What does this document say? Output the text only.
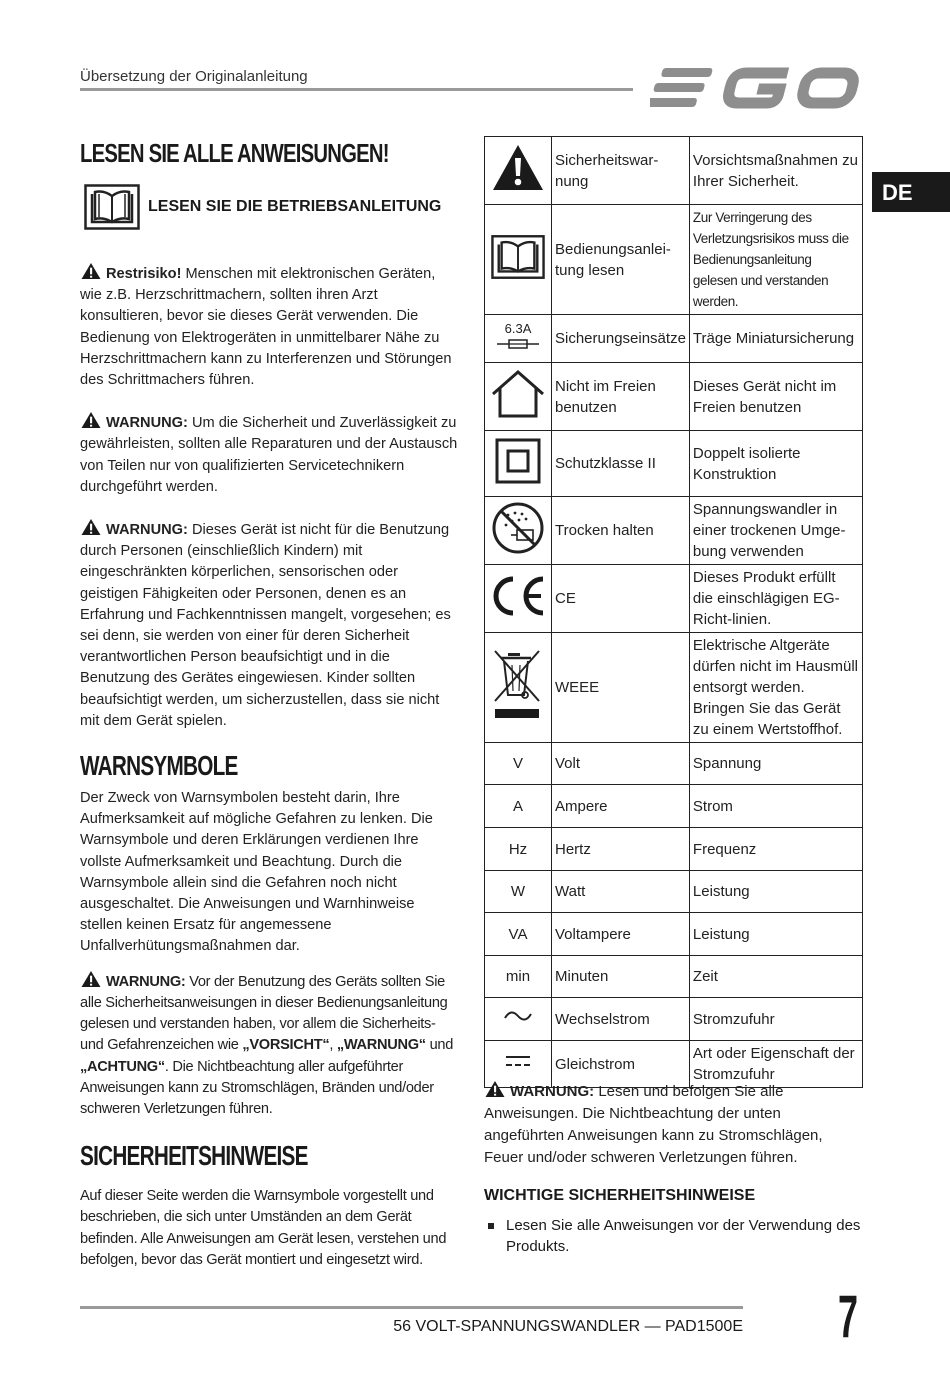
Übersetzung der Originalanleitung
DE
LESEN SIE ALLE ANWEISUNGEN!
LESEN SIE DIE BETRIEBSANLEITUNG

Restrisiko! Menschen mit elektronischen Geräten, wie z.B. Herzschrittmachern, sollten ihren Arzt konsultieren, bevor sie dieses Gerät verwenden. Die Bedienung von Elektrogeräten in unmittelbarer Nähe zu Herzschrittmachern kann zu Interferenzen und Störungen des Schrittmachers führen.

WARNUNG: Um die Sicherheit und Zuverlässigkeit zu gewährleisten, sollten alle Reparaturen und der Austausch von Teilen nur von qualifizierten Servicetechnikern durchgeführt werden.

WARNUNG: Dieses Gerät ist nicht für die Benutzung durch Personen (einschließlich Kindern) mit eingeschränkten körperlichen, sensorischen oder geistigen Fähigkeiten oder Personen, denen es an Erfahrung und Fachkenntnissen mangelt, vorgesehen; es sei denn, sie werden von einer für deren Sicherheit verantwortlichen Person beaufsichtigt und in die Benutzung des Gerätes eingewiesen. Kinder sollten beaufsichtigt werden, um sicherzustellen, dass sie nicht mit dem Gerät spielen.

WARNSYMBOLE

Der Zweck von Warnsymbolen besteht darin, Ihre Aufmerksamkeit auf mögliche Gefahren zu lenken. Die Warnsymbole und deren Erklärungen verdienen Ihre vollste Aufmerksamkeit und Beachtung. Durch die Warnsymbole allein sind die Gefahren noch nicht ausgeschaltet. Die Anweisungen und Warnhinweise stellen keinen Ersatz für angemessene Unfallverhütungsmaßnahmen dar.

WARNUNG: Vor der Benutzung des Geräts sollten Sie alle Sicherheitsanweisungen in dieser Bedienungsanleitung gelesen und verstanden haben, vor allem die Sicherheits- und Gefahrenzeichen wie „VORSICHT“, „WARNUNG“ und „ACHTUNG“. Die Nichtbeachtung aller aufgeführter Anweisungen kann zu Stromschlägen, Bränden und/oder schweren Verletzungen führen.

SICHERHEITSHINWEISE

Auf dieser Seite werden die Warnsymbole vorgestellt und beschrieben, die sich unter Umständen an dem Gerät befinden. Alle Anweisungen am Gerät lesen, verstehen und befolgen, bevor das Gerät montiert und eingesetzt wird.

	Sicherheitswar-nung	Vorsichtsmaßnahmen zu Ihrer Sicherheit.
	Bedienungsanlei-tung lesen	Zur Verringerung des Verletzungsrisikos muss die Bedienungsanleitung gelesen und verstanden werden.

6.3A	Sicherungseinsätze	Träge Miniatursicherung
	Nicht im Freien benutzen	Dieses Gerät nicht im Freien benutzen
	Schutzklasse II	Doppelt isolierte Konstruktion
	Trocken halten	Spannungswandler in einer trockenen Umge-bung verwenden
	CE	Dieses Produkt erfüllt die einschlägigen EG-Richt-linien.
	WEEE	Elektrische Altgeräte dürfen nicht im Hausmüll entsorgt werden. Bringen Sie das Gerät zu einem Wertstoffhof.
V	Volt	Spannung
A	Ampere	Strom
Hz	Hertz	Frequenz
W	Watt	Leistung
VA	Voltampere	Leistung
min	Minuten	Zeit
	Wechselstrom	Stromzufuhr
	Gleichstrom	Art oder Eigenschaft der Stromzufuhr

WARNUNG: Lesen und befolgen Sie alle Anweisungen. Die Nichtbeachtung der unten angeführten Anweisungen kann zu Stromschlägen, Feuer und/oder schweren Verletzungen führen.

WICHTIGE SICHERHEITSHINWEISE
Lesen Sie alle Anweisungen vor der Verwendung des Produkts.
56 VOLT-SPANNUNGSWANDLER — PAD1500E 7
